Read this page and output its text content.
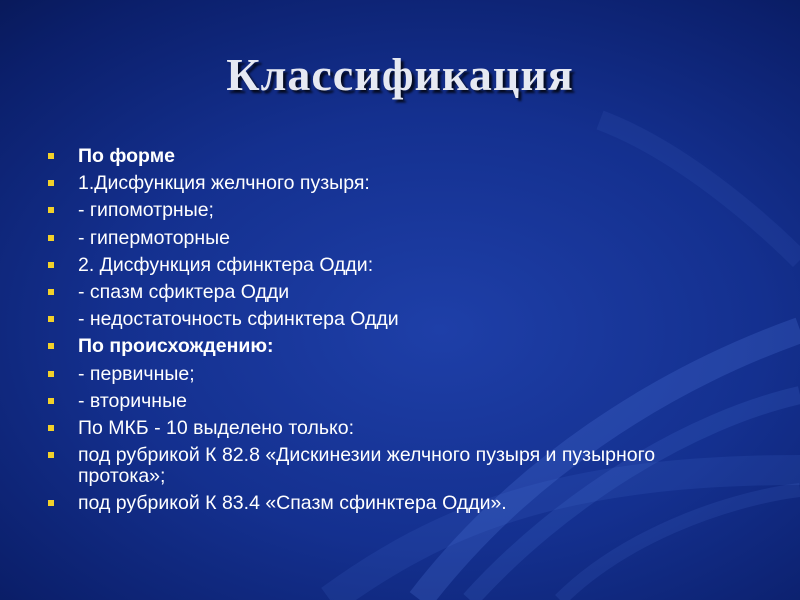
Классификация
По форме
1.Дисфункция желчного пузыря:
- гипомотрные;
- гипермоторные
2. Дисфункция сфинктера Одди:
- спазм сфиктера Одди
- недостаточность сфинктера Одди
По происхождению:
- первичные;
- вторичные
По МКБ - 10 выделено только:
под рубрикой К 82.8 «Дискинезии желчного пузыря и пузырного протока»;
под рубрикой К 83.4 «Спазм сфинктера Одди».
